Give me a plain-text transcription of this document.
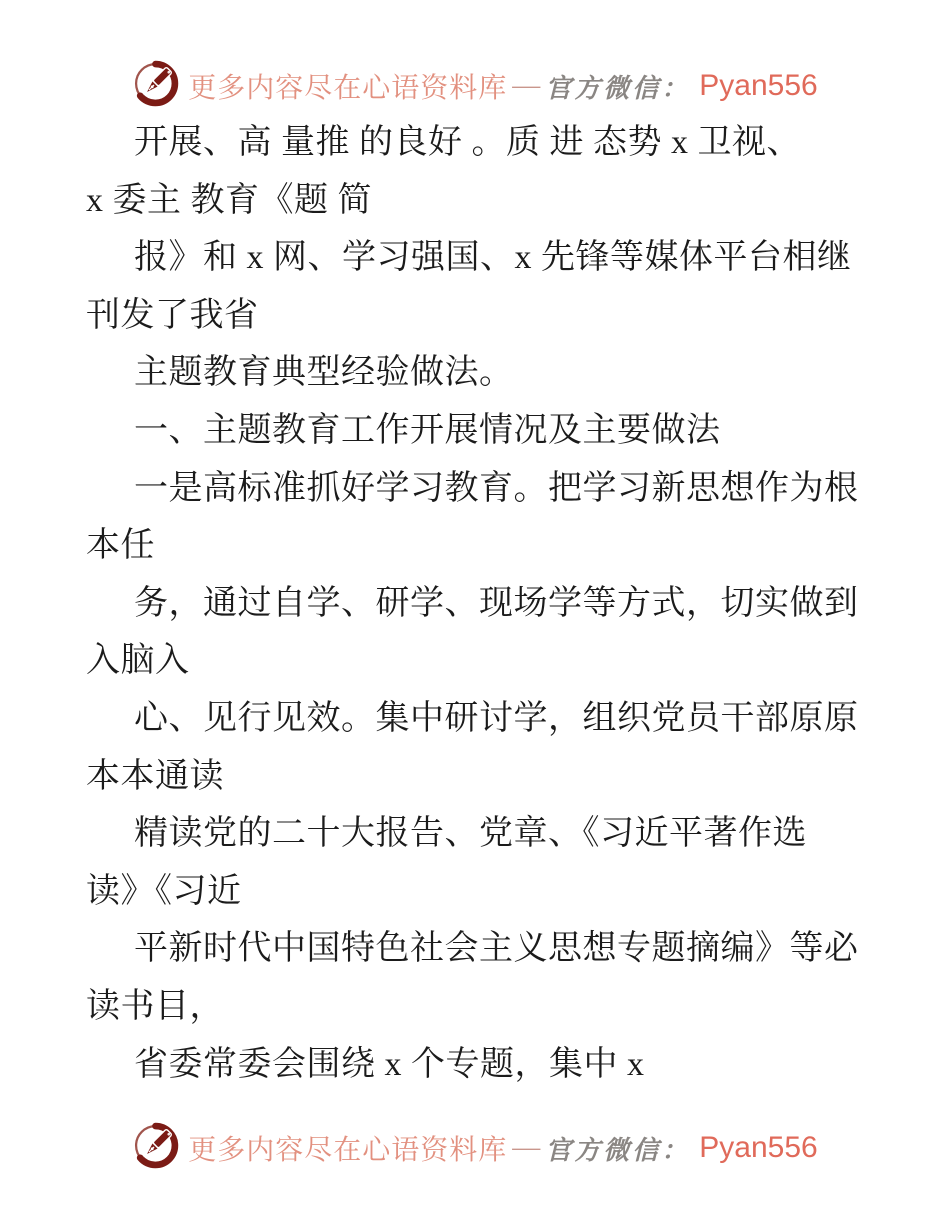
更多内容尽在心语资料库 — 官方微信： Pyan556

开展、高 量推 的良好 。质 进 态势 x 卫视、

x 委主 教育《题 简

报》和 x 网、学习强国、x 先锋等媒体平台相继

刊发了我省

主题教育典型经验做法。

一、主题教育工作开展情况及主要做法

一是高标准抓好学习教育。把学习新思想作为根

本任

务，通过自学、研学、现场学等方式，切实做到

入脑入

心、见行见效。集中研讨学，组织党员干部原原

本本通读

精读党的二十大报告、党章、《习近平著作选

读》《习近

平新时代中国特色社会主义思想专题摘编》等必

读书目，

省委常委会围绕 x 个专题，集中 x

更多内容尽在心语资料库 — 官方微信： Pyan556
